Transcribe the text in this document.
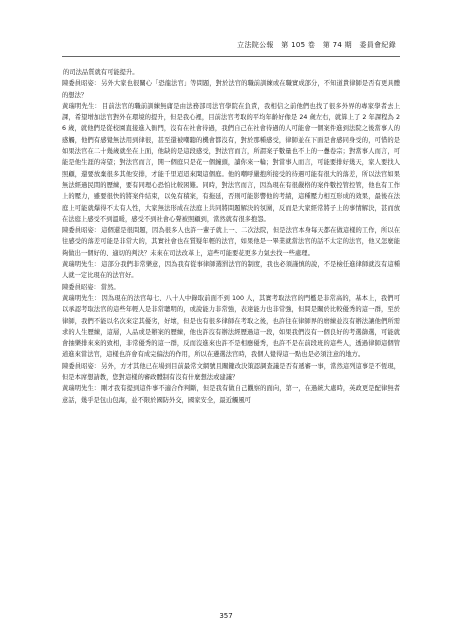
立法院公報 第 105 卷 第 74 期 委員會紀錄

的司法品質就有可能提升。

陳委員昭姿：另外大家也很關心「恐龍法官」等問題，對於法官的職前訓練或在職實成部分，不知道貴律師是否有更具體的想法？

黃瑞明先生：目前法官的職前訓練無庸是由法務部司法官學院在負責，我相信之前他們也找了很多外界的專家學者去上課，希望增加法官對外在環境的提升，但是我心裡，目前法官考取的平均年齡好像是 24 歲左右，就算上了 2 年課程為 26 歲，就他們是從校園直接進入衙門，沒有在社會待過，我們自己在社會待過的人可能會一個案件進到法院之後當事人的感觸，他們有感覺無法用到律很，甚至還被嘲聽的機會都沒有，對於那種感受，律師並在下面是會感同身受的，可惜的是如果法官在二十幾歲就坐在上面，他缺的是這段感受，對法官而言，所謂案子數量也不上的一疊卷宗；對當事人而言，可能是他生涯的寄望；對法官而言，開一個庭只是花一個鐘頭，讀你來一輪；對當事人而言，可能要排好幾天，家人要找人照顧，還要放棄很多其他安排，才能千里迢迢來聞這個庭。他的嘲呼嚴抱所接受的待遇可能有很大的落差，所以法官如果無法經過民間的歷練，要有同理心恐怕比較困難。同時，對法官而言，因為現在有很嚴格的案件數控管控管，他也有工作上的壓力，雖要很快的將案件結束，以免有積案，有拖延，否則可能影響他的考績，這種壓力相互形成的效果，最後在法庭上可能就爆得不太有人性，大家無法形成在法庭上共同將問題解決的氛圍，反而是大家經常將子上的事情解決，甚而放在法庭上感受不到溫暖，感受不到社會心聲被照顧到，當然就有很多抱怨。

陳委員昭姿：這個還是很問題，因為很多人也許一輩子就上一、二次法院，但是法官本身每天都在做這樣的工作，所以在往感受的落差可能是非常大的，其實社會也在質疑年輕的法官，如果他是一畢業就當法官的話不太定的法官，他又怎麼能夠做出一個好的、適切的判決？未來在司法改革上，這些可能要花更多力氣去找一些處理。

黃瑞明先生：這部分我們非常樂意，因為我有從事律師選罰法官的制度，我也必須謹慎的說，不是檢任進律師就沒有這種人就一定比現在的法官好。

陳委員昭姿：當然。

黃瑞明先生：因為現在的法官每七、八十人中錄取前面不到 100 人，其實考取法官的門檻是非常高的，基本上，我們可以承認考取法官的這些年輕人是非常聰明的，或說能力非常強，表達能力也非常強，但問是關於比較優秀的這一群，至於律師，我們不能以名次來定其優劣，好壞，但是也有很多律師在考取之後，也許往在律師界的磨練並沒有辦法讓他們所需求的人生歷練，這層，人品或是辦案的歷練，他也許沒有辦法經歷過這一段，如果我們沒有一個良好的考選篩選，可能就會抽樂排來來的致相，非常優秀的這一群，反而沒進來也許不是相應優秀，也許不是在前段班的這些人，透過律師這個管道進來當法官，這樣也許會有成完偏法的作用，所以在遴選法官時，我個人覺得這一點也是必須注意的地方。

陳委員昭姿：另外，方才其他已在場到目前最常文網號且關鍵改決策認調查議是否有遞審一事，當然這列這事是不恆現，但是本席想請教，您對這樣的審政體制有沒有什麼想法或建議？

黃瑞明先生：剛才我有提到這件事不適合作判斷，但是我有做自己觀察的面向，第一，在過統大處時，英政更是配律無者意話，幾乎是包山包海，並不限於國防外交，國家安全，最近觸風可

357
